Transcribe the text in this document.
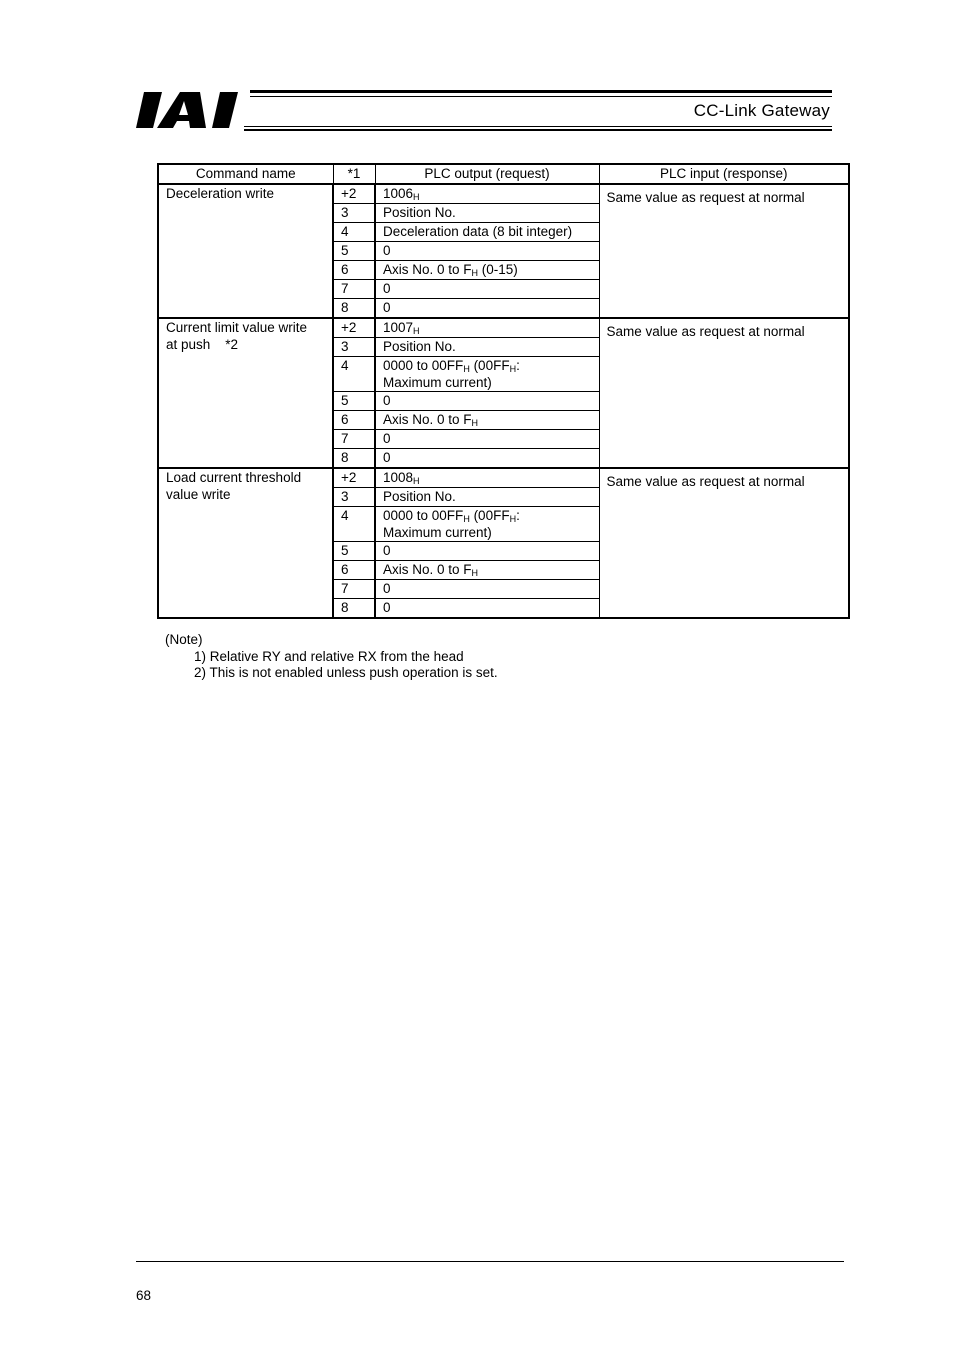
CC-Link Gateway
Command name	*1	PLC output (request)	PLC input (response)
Deceleration write	+2	$1006_H$	Same value as request at normal
	3	Position No.	
	4	Deceleration data (8 bit integer)	
	5	0	
	6	Axis No. 0 to $F_H$ (0-15)	
	7	0	
	8	0	

Current limit value write
at push    *2	+2	$1007_H$	Same value as request at normal
	3	Position No.	
	4	0000 to $00FF_H$ ($00FF_H$:
Maximum current)	

	5	0	
	6	Axis No. 0 to $F_H$
	7	0	
	8	0	

Load current threshold
value write	+2	$1008_H$	Same value as request at normal
	3	Position No.	
	4	0000 to $00FF_H$ ($00FF_H$:
Maximum current)	

	5	0	
	6	Axis No. 0 to $F_H$
	7	0	
	8	0	
(Note)
1) Relative RY and relative RX from the head
2) This is not enabled unless push operation is set.
68
